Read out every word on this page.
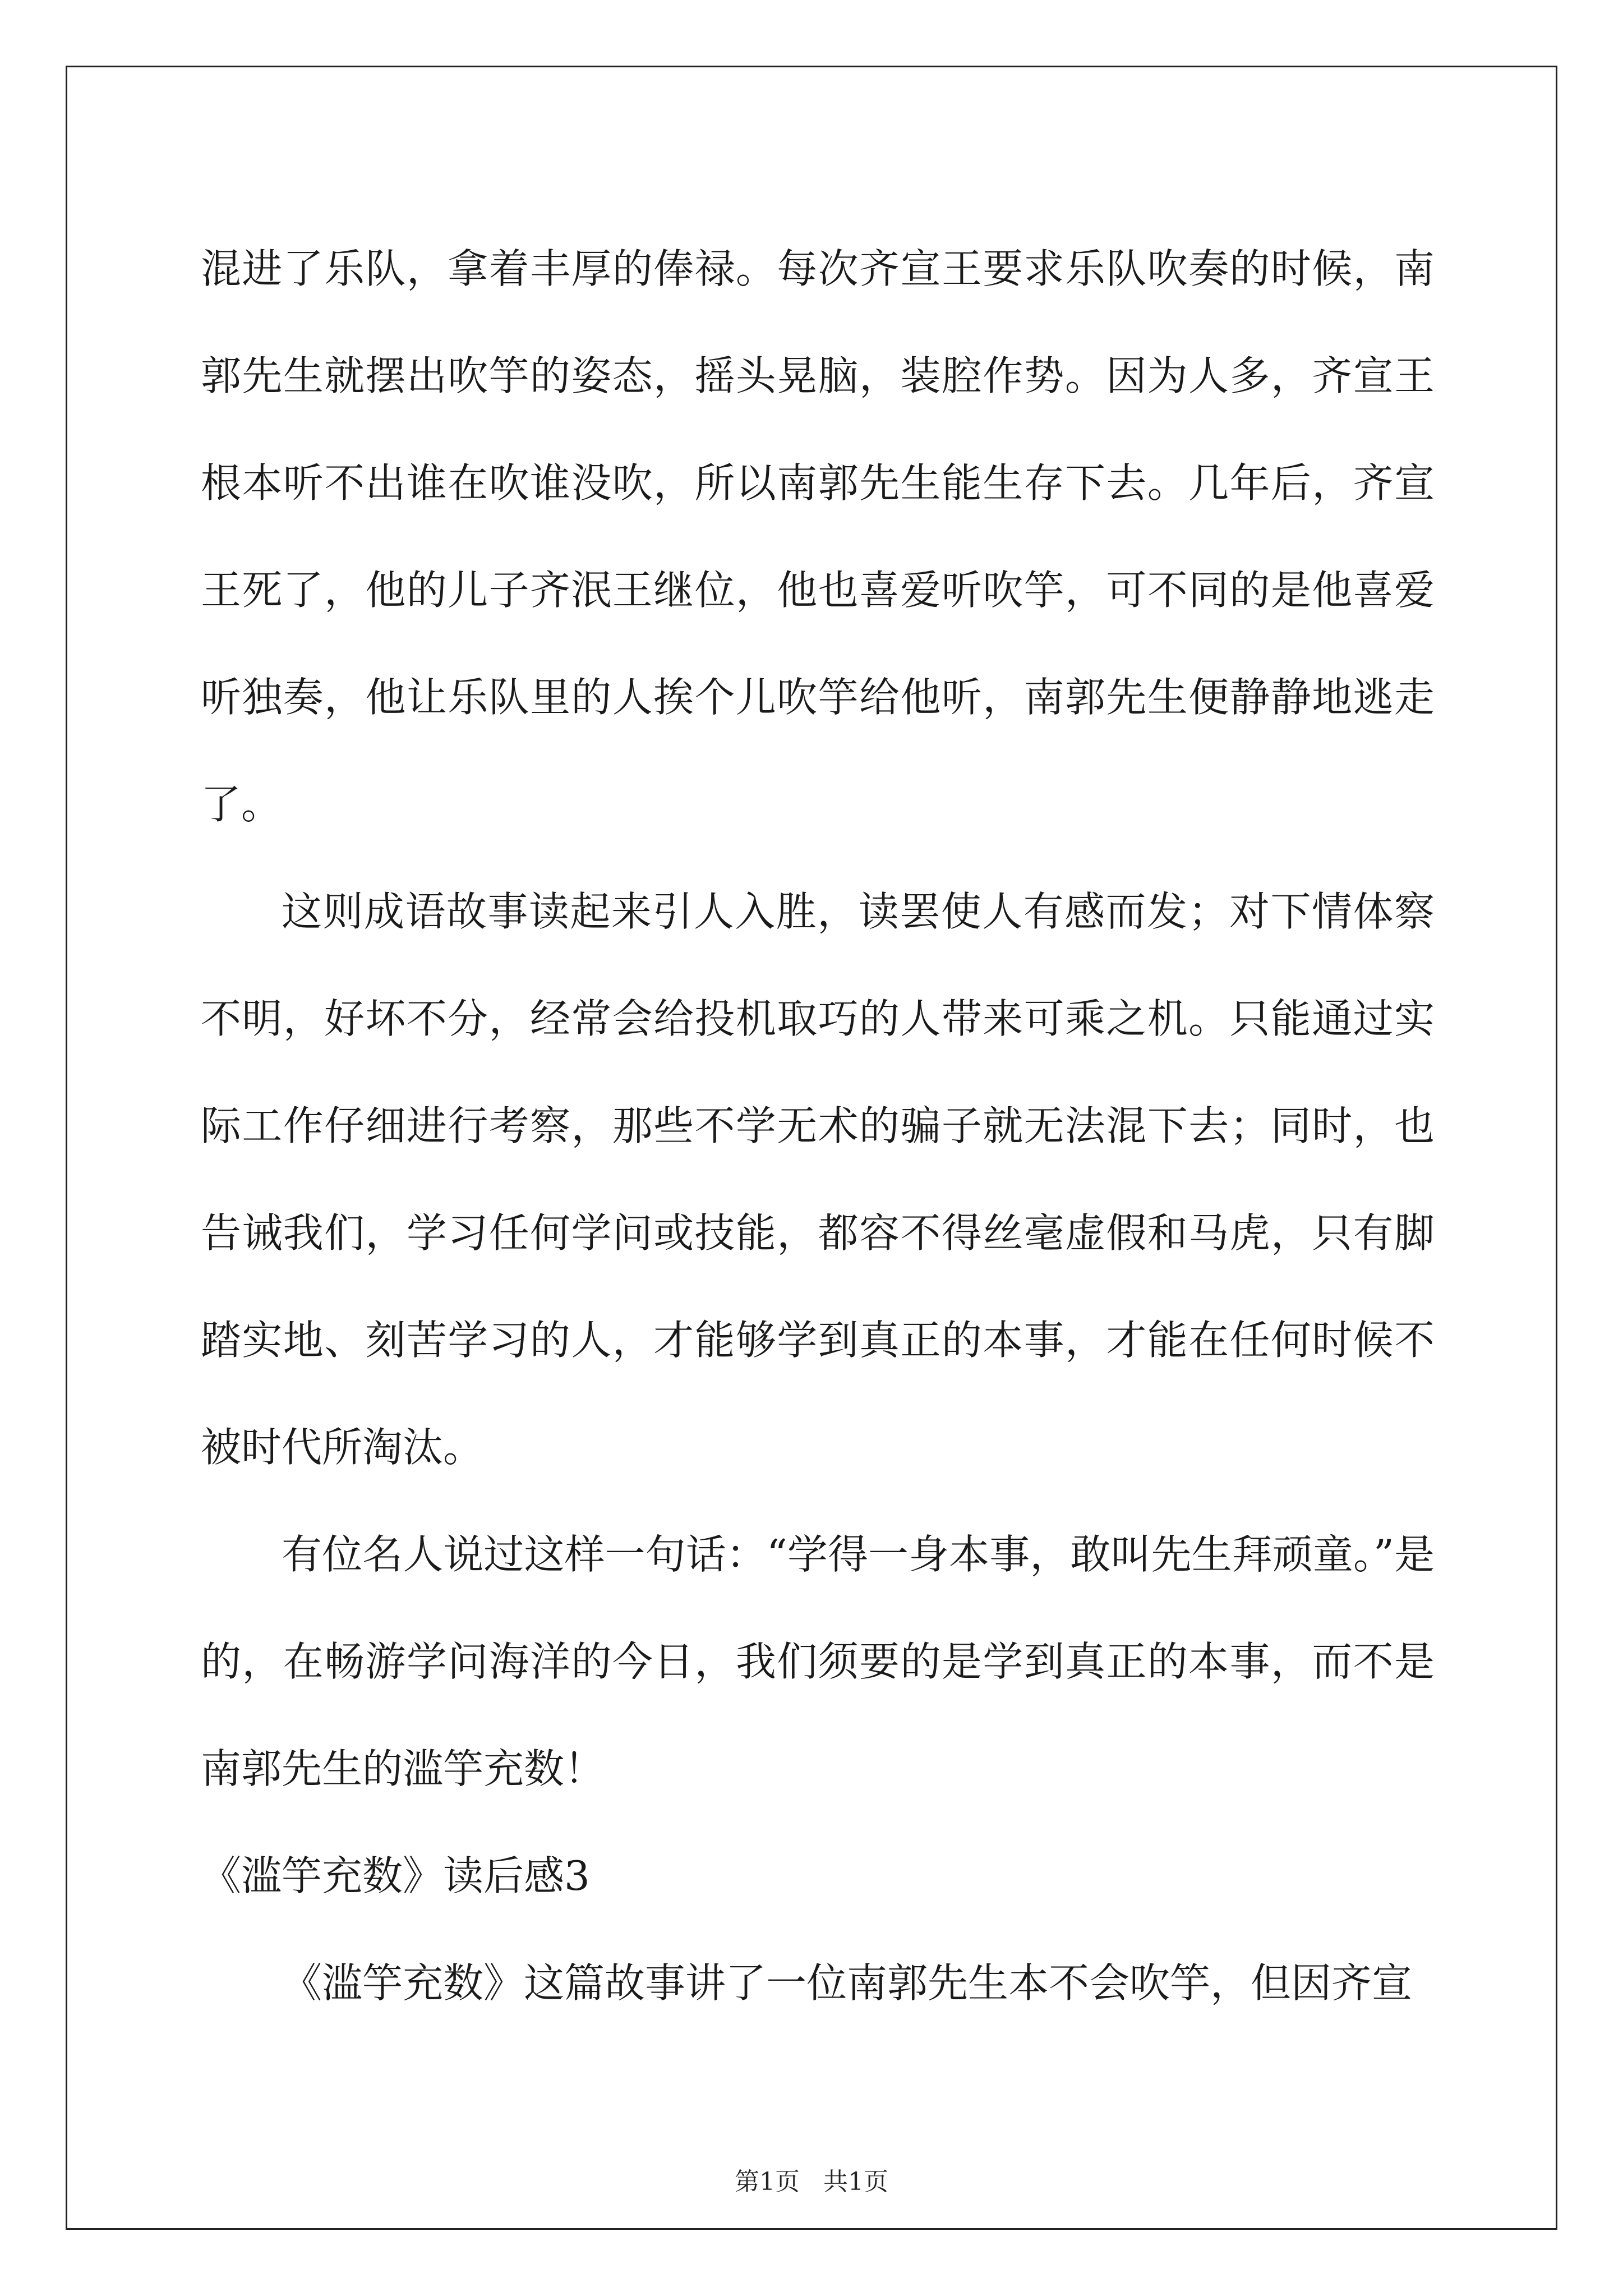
混进了乐队，拿着丰厚的俸禄。每次齐宣王要求乐队吹奏的时候，南郭先生就摆出吹竽的姿态，摇头晃脑，装腔作势。因为人多，齐宣王根本听不出谁在吹谁没吹，所以南郭先生能生存下去。几年后，齐宣王死了，他的儿子齐泯王继位，他也喜爱听吹竽，可不同的是他喜爱听独奏，他让乐队里的人挨个儿吹竽给他听，南郭先生便静静地逃走了。

这则成语故事读起来引人入胜，读罢使人有感而发；对下情体察不明，好坏不分，经常会给投机取巧的人带来可乘之机。只能通过实际工作仔细进行考察，那些不学无术的骗子就无法混下去；同时，也告诫我们，学习任何学问或技能，都容不得丝毫虚假和马虎，只有脚踏实地、刻苦学习的人，才能够学到真正的本事，才能在任何时候不被时代所淘汰。

有位名人说过这样一句话：“学得一身本事，敢叫先生拜顽童。”是的，在畅游学问海洋的今日，我们须要的是学到真正的本事，而不是南郭先生的滥竽充数！

《滥竽充数》读后感3

《滥竽充数》这篇故事讲了一位南郭先生本不会吹竽，但因齐宣

第1页 共1页
